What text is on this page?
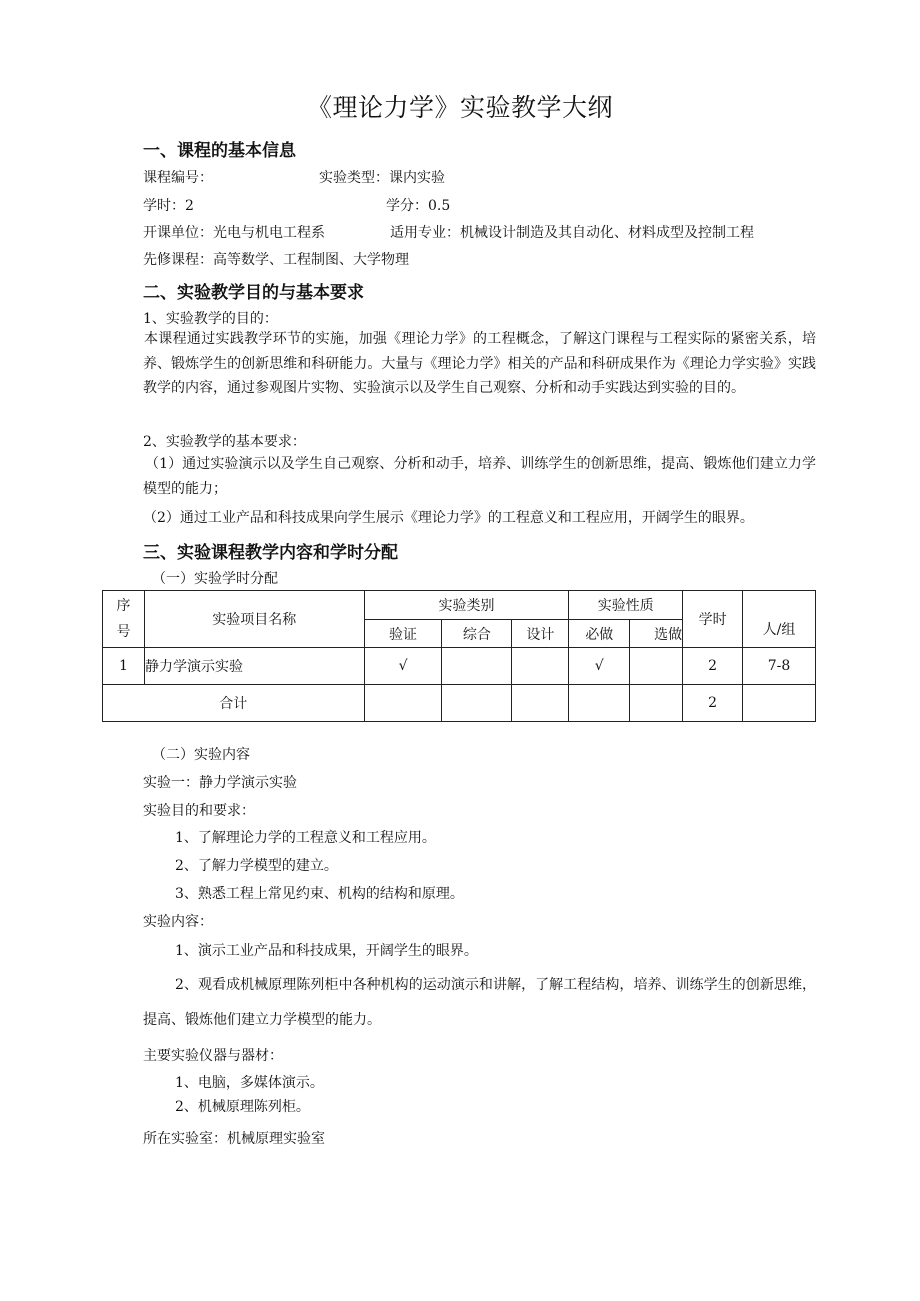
《理论力学》实验教学大纲
一、课程的基本信息
课程编号：	实验类型：课内实验
学时：2	学分：0.5
开课单位：光电与机电工程系	适用专业：机械设计制造及其自动化、材料成型及控制工程
先修课程：高等数学、工程制图、大学物理
二、实验教学目的与基本要求
1、实验教学的目的：
本课程通过实践教学环节的实施，加强《理论力学》的工程概念，了解这门课程与工程实际的紧密关系，培养、锻炼学生的创新思维和科研能力。大量与《理论力学》相关的产品和科研成果作为《理论力学实验》实践教学的内容，通过参观图片实物、实验演示以及学生自己观察、分析和动手实践达到实验的目的。
2、实验教学的基本要求：
（1）通过实验演示以及学生自己观察、分析和动手，培养、训练学生的创新思维，提高、锻炼他们建立力学模型的能力；
（2）通过工业产品和科技成果向学生展示《理论力学》的工程意义和工程应用，开阔学生的眼界。
三、实验课程教学内容和学时分配
（一）实验学时分配
序号	实验项目名称	实验类别			实验性质		学时	人/组
		验证	综合	设计	必做	选做		
1	静力学演示实验	√			√		2	7-8
合计							2	
（二）实验内容
实验一：静力学演示实验
实验目的和要求：
1、了解理论力学的工程意义和工程应用。
2、了解力学模型的建立。
3、熟悉工程上常见约束、机构的结构和原理。
实验内容：
1、演示工业产品和科技成果，开阔学生的眼界。
2、观看成机械原理陈列柜中各种机构的运动演示和讲解，了解工程结构，培养、训练学生的创新思维，提高、锻炼他们建立力学模型的能力。
主要实验仪器与器材：
1、电脑，多媒体演示。
2、机械原理陈列柜。
所在实验室：机械原理实验室
